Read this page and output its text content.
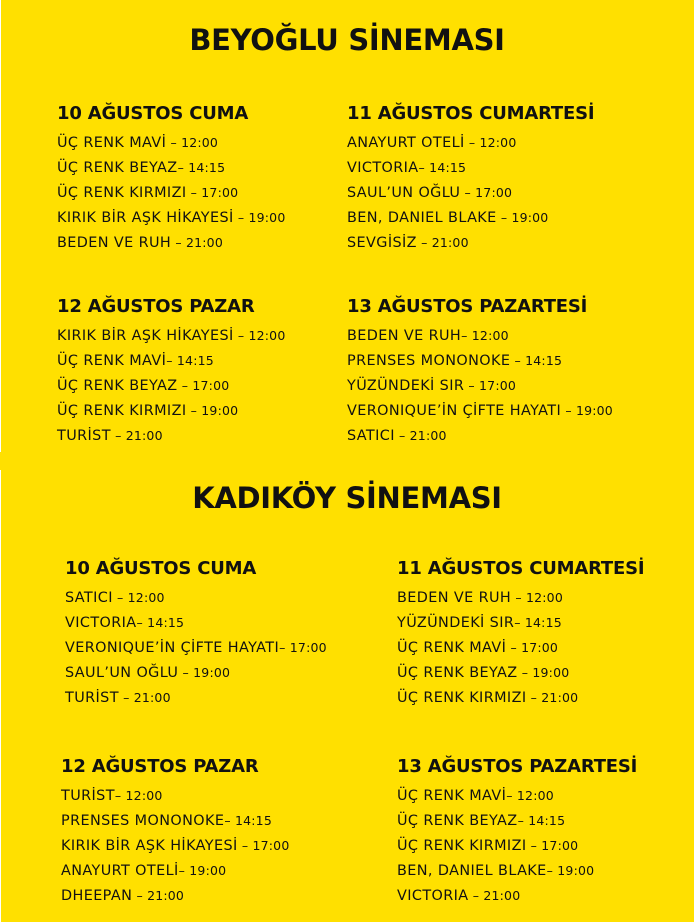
BEYOĞLU SİNEMASI
10 AĞUSTOS CUMA
ÜÇ RENK MAVİ – 12:00
ÜÇ RENK BEYAZ– 14:15
ÜÇ RENK KIRMIZI – 17:00
KIRIK BİR AŞK HİKAYESİ – 19:00
BEDEN VE RUH – 21:00
11 AĞUSTOS CUMARTESİ
ANAYURT OTELİ – 12:00
VICTORIA– 14:15
SAUL’UN OĞLU – 17:00
BEN, DANIEL BLAKE – 19:00
SEVGİSİZ – 21:00
12 AĞUSTOS PAZAR
KIRIK BİR AŞK HİKAYESİ – 12:00
ÜÇ RENK MAVİ– 14:15
ÜÇ RENK BEYAZ – 17:00
ÜÇ RENK KIRMIZI – 19:00
TURİST – 21:00
13 AĞUSTOS PAZARTESİ
BEDEN VE RUH– 12:00
PRENSES MONONOKE – 14:15
YÜZÜNDEKİ SIR – 17:00
VERONIQUE’İN ÇİFTE HAYATI – 19:00
SATICI – 21:00
KADIKÖY SİNEMASI
10 AĞUSTOS CUMA
SATICI – 12:00
VICTORIA– 14:15
VERONIQUE’İN ÇİFTE HAYATI– 17:00
SAUL’UN OĞLU – 19:00
TURİST – 21:00
11 AĞUSTOS CUMARTESİ
BEDEN VE RUH – 12:00
YÜZÜNDEKİ SIR– 14:15
ÜÇ RENK MAVİ – 17:00
ÜÇ RENK BEYAZ – 19:00
ÜÇ RENK KIRMIZI – 21:00
12 AĞUSTOS PAZAR
TURİST– 12:00
PRENSES MONONOKE– 14:15
KIRIK BİR AŞK HİKAYESİ – 17:00
ANAYURT OTELİ– 19:00
DHEEPAN – 21:00
13 AĞUSTOS PAZARTESİ
ÜÇ RENK MAVİ– 12:00
ÜÇ RENK BEYAZ– 14:15
ÜÇ RENK KIRMIZI – 17:00
BEN, DANIEL BLAKE– 19:00
VICTORIA – 21:00
